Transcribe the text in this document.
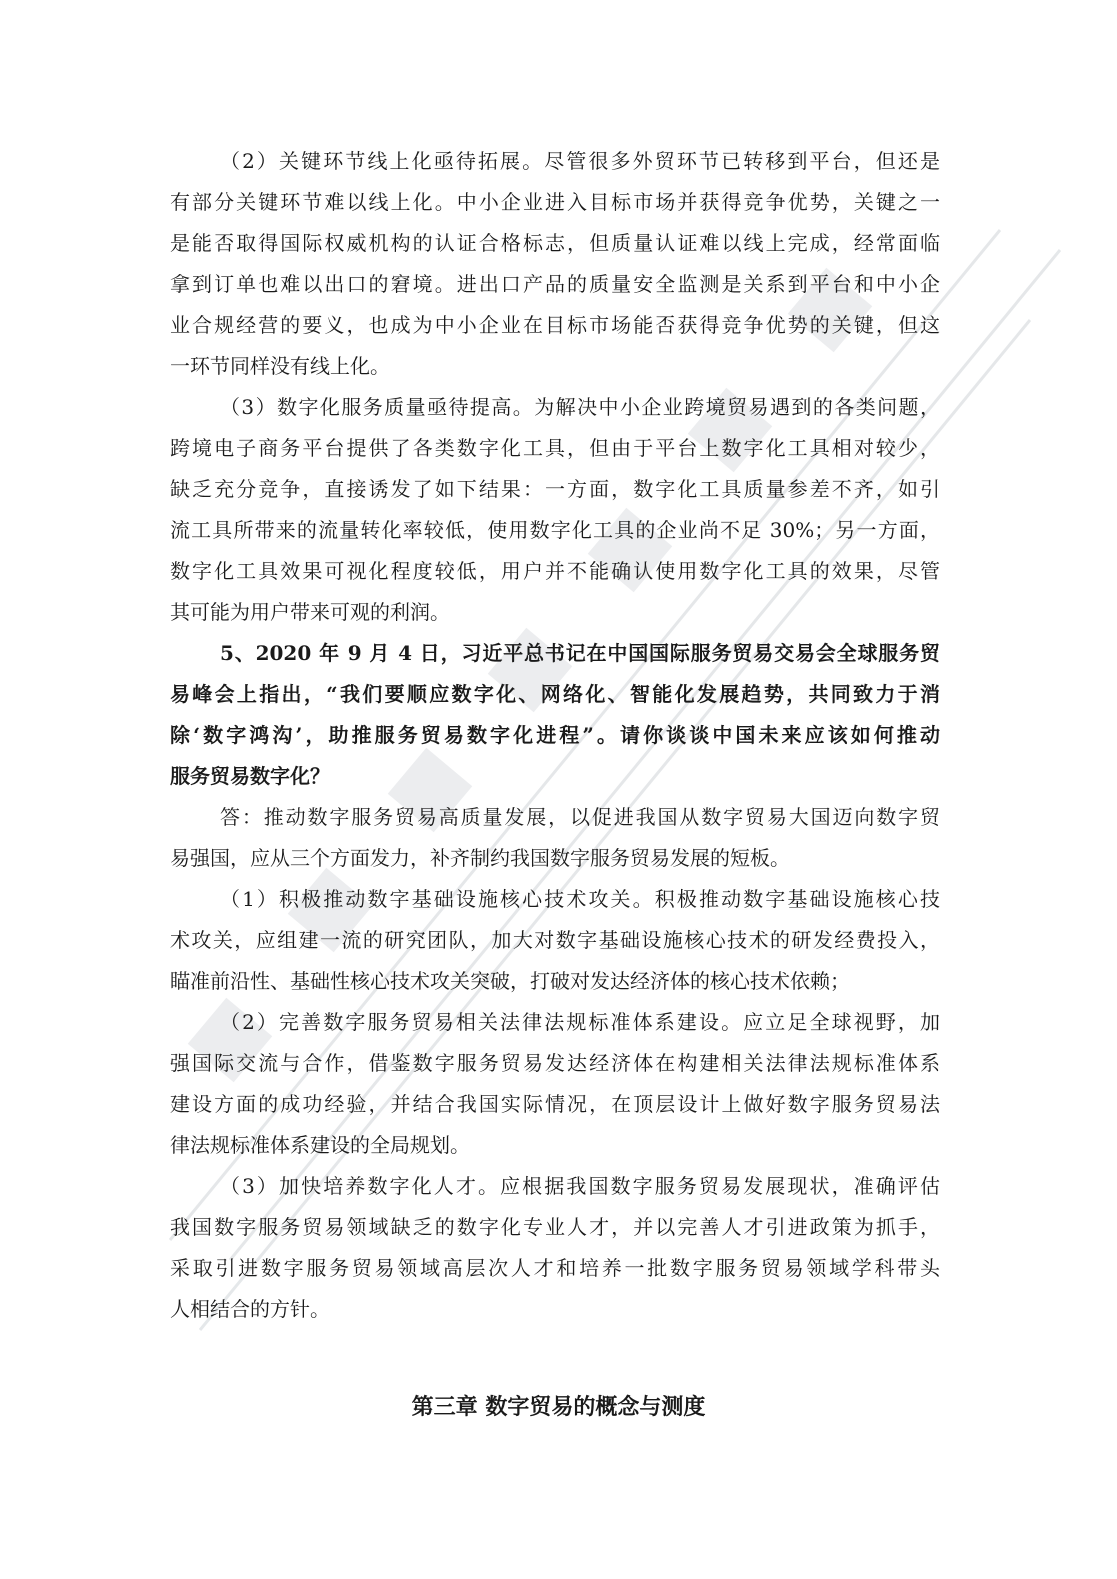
（2）关键环节线上化亟待拓展。尽管很多外贸环节已转移到平台，但还是
有部分关键环节难以线上化。中小企业进入目标市场并获得竞争优势，关键之一
是能否取得国际权威机构的认证合格标志，但质量认证难以线上完成，经常面临
拿到订单也难以出口的窘境。进出口产品的质量安全监测是关系到平台和中小企
业合规经营的要义，也成为中小企业在目标市场能否获得竞争优势的关键，但这
一环节同样没有线上化。
（3）数字化服务质量亟待提高。为解决中小企业跨境贸易遇到的各类问题，
跨境电子商务平台提供了各类数字化工具，但由于平台上数字化工具相对较少，
缺乏充分竞争，直接诱发了如下结果：一方面，数字化工具质量参差不齐，如引
流工具所带来的流量转化率较低，使用数字化工具的企业尚不足 30%；另一方面，
数字化工具效果可视化程度较低，用户并不能确认使用数字化工具的效果，尽管
其可能为用户带来可观的利润。
5、2020 年 9 月 4 日，习近平总书记在中国国际服务贸易交易会全球服务贸
易峰会上指出，“我们要顺应数字化、网络化、智能化发展趋势，共同致力于消
除‘数字鸿沟’，助推服务贸易数字化进程”。请你谈谈中国未来应该如何推动
服务贸易数字化？
答：推动数字服务贸易高质量发展，以促进我国从数字贸易大国迈向数字贸
易强国，应从三个方面发力，补齐制约我国数字服务贸易发展的短板。
（1）积极推动数字基础设施核心技术攻关。积极推动数字基础设施核心技
术攻关，应组建一流的研究团队，加大对数字基础设施核心技术的研发经费投入，
瞄准前沿性、基础性核心技术攻关突破，打破对发达经济体的核心技术依赖；
（2）完善数字服务贸易相关法律法规标准体系建设。应立足全球视野，加
强国际交流与合作，借鉴数字服务贸易发达经济体在构建相关法律法规标准体系
建设方面的成功经验，并结合我国实际情况，在顶层设计上做好数字服务贸易法
律法规标准体系建设的全局规划。
（3）加快培养数字化人才。应根据我国数字服务贸易发展现状，准确评估
我国数字服务贸易领域缺乏的数字化专业人才，并以完善人才引进政策为抓手，
采取引进数字服务贸易领域高层次人才和培养一批数字服务贸易领域学科带头
人相结合的方针。
第三章 数字贸易的概念与测度
